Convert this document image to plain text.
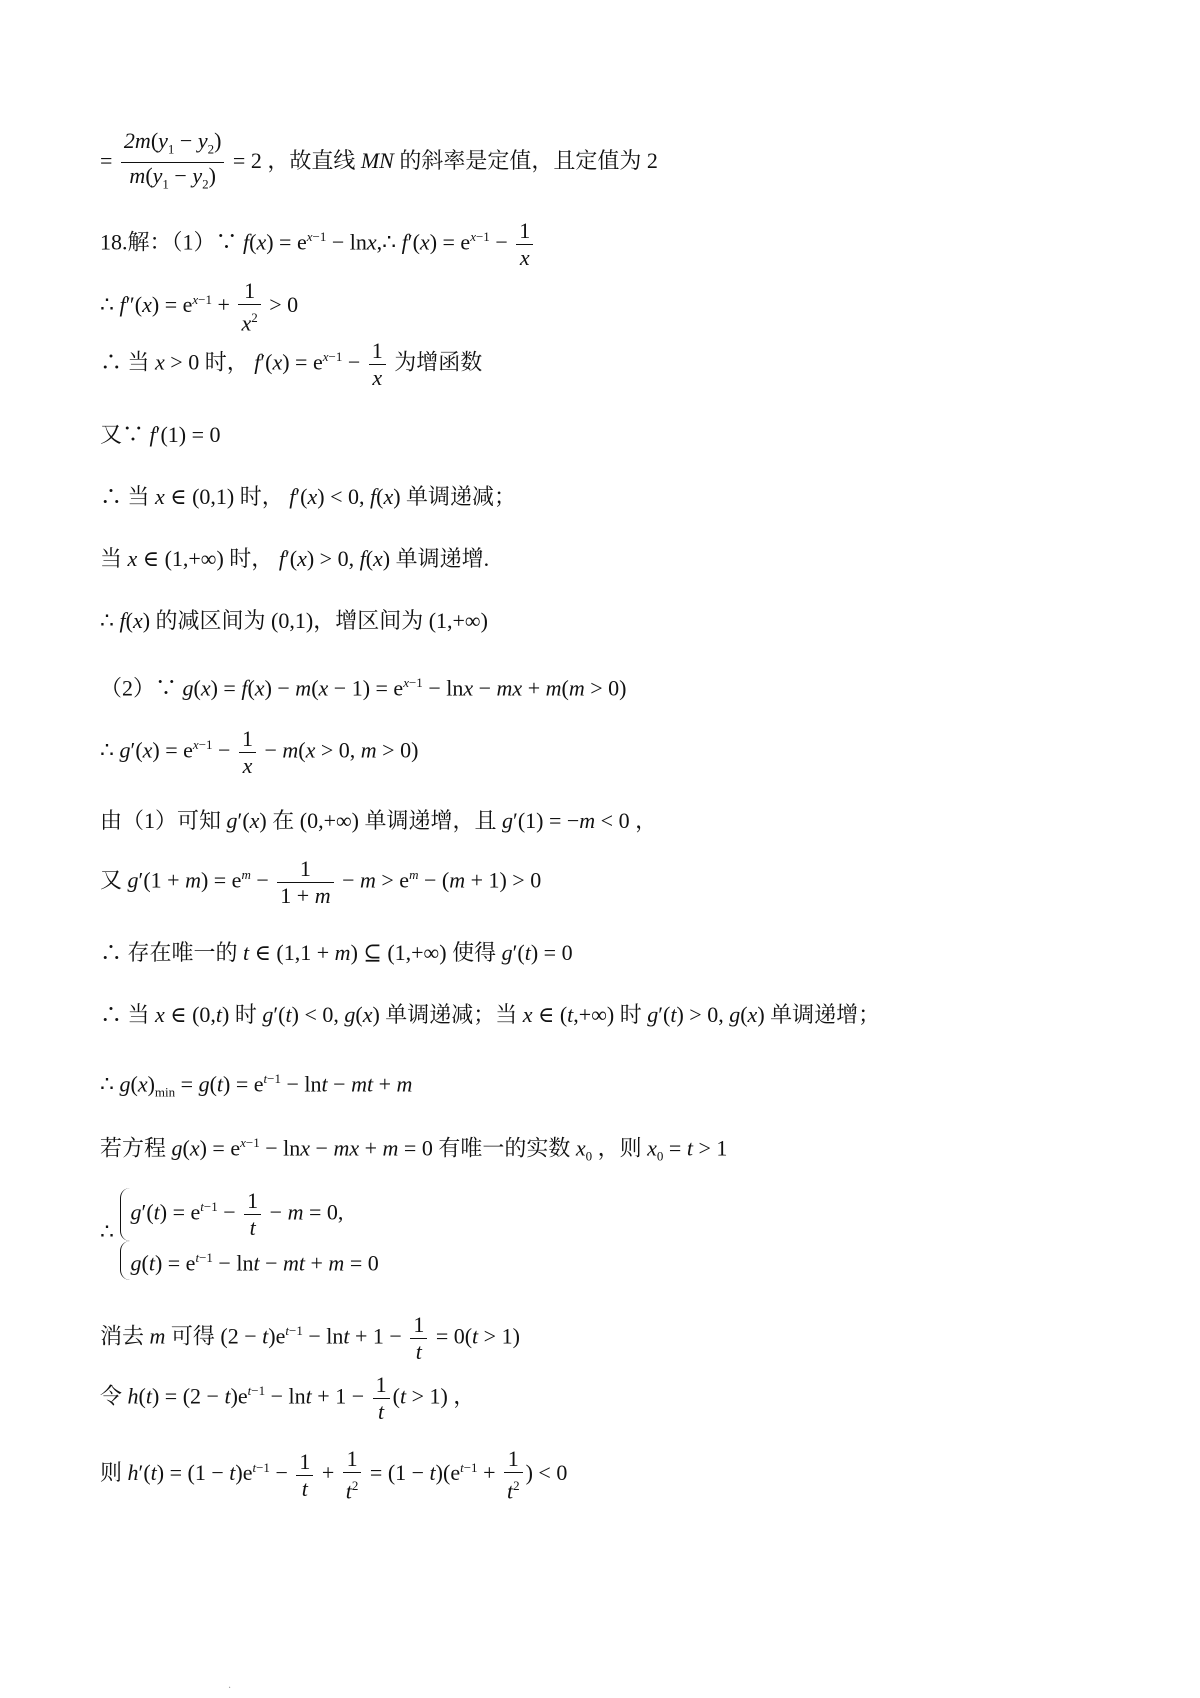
= $\frac{2m(y_1 - y_2)}{m(y_1 - y_2)} = 2$ ，故直线 MN 的斜率是定值，且定值为 2
18.解：（1）∵ $f(x) = e^{x-1}$ − lnx,∴ $f'(x) = e^{x-1} - \frac{1}{x}$
∴ $f''(x) = e^{x-1} + \frac{1}{x^2} > 0$
∴ 当 x > 0 时， $f'(x) = e^{x-1} - \frac{1}{x}$ 为增函数
又∵ f′(1) = 0
∴ 当 x ∈ (0,1) 时， f′(x) < 0, f(x) 单调递减；
当 x ∈ (1,+∞) 时， f′(x) > 0, f(x) 单调递增.
∴ f(x) 的减区间为 (0,1)，增区间为 (1,+∞)
（2）∵ $g(x) = f(x) - m(x - 1) = e^{x-1} - \ln x$ − mx + m(m > 0)
∴ $g'(x) = e^{x-1} - \frac{1}{x} - m(x > 0$, m > 0)
由（1）可知 g′(x) 在 (0,+∞) 单调递增，且 g′(1) = −m < 0 ，
又 $g'(1 + m) = e^m - \frac{1}{1 + m} - m > e^m - (m + 1) > 0$
∴ 存在唯一的 t ∈ (1,1 + m) ⊆ (1,+∞) 使得 g′(t) = 0
∴ 当 x ∈ (0,t) 时 g′(t) < 0, g(x) 单调递减；当 x ∈ (t,+∞) 时 g′(t) > 0, g(x) 单调递增；
∴ $g(x)_{min} = g(t) = e^{t-1} - \ln t$ − mt + m
若方程 $g(x) = e^{x-1} - \ln x$ − mx + m = 0 有唯一的实数 $x_0$ ，则 $x_0 = t > 1$
∴
$g'(t) = e^{t-1} - \frac{1}{t} - m = 0$,
$g(t) = e^{t-1} - \ln t$ − mt + m = 0
消去 m 可得 $(2 - t)e^{t-1} - \ln t + 1 - \frac{1}{t} = 0(t > 1)$
令 $h(t) = (2 - t)e^{t-1} - \ln t + 1 - \frac{1}{t} (t > 1)$ ，
则 $h'(t) = (1 - t)e^{t-1} - \frac{1}{t} + \frac{1}{t^2} = (1 - t)(e^{t-1} + \frac{1}{t^2}$ ) < 0
.
